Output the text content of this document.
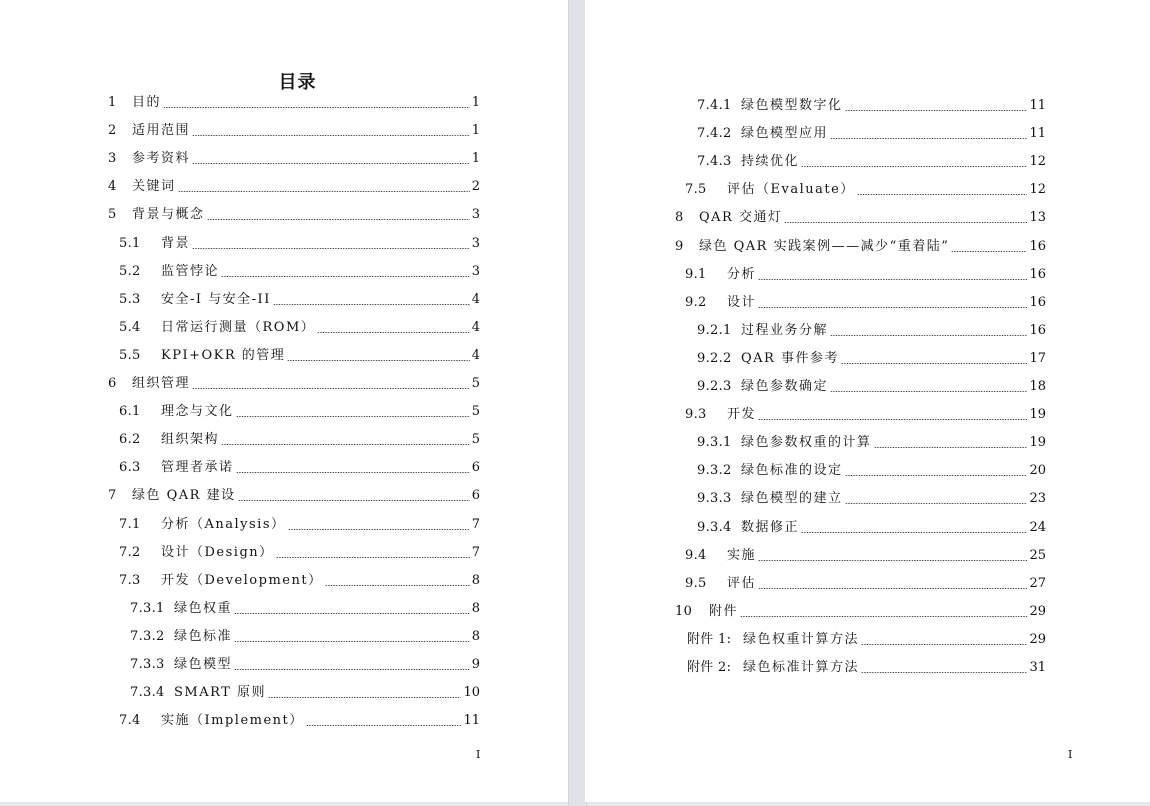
目录
1	目的	1
2	适用范围	1
3	参考资料	1
4	关键词	2
5	背景与概念	3
5.1	背景	3
5.2	监管悖论	3
5.3	安全-I 与安全-II	4
5.4	日常运行测量（ROM）	4
5.5	KPI+OKR 的管理	4
6	组织管理	5
6.1	理念与文化	5
6.2	组织架构	5
6.3	管理者承诺	6
7	绿色 QAR 建设	6
7.1	分析（Analysis）	7
7.2	设计（Design）	7
7.3	开发（Development）	8
7.3.1 绿色权重	8
7.3.2 绿色标准	8
7.3.3 绿色模型	9
7.3.4 SMART 原则	10
7.4	实施（Implement）	11
I
7.4.1 绿色模型数字化	11
7.4.2 绿色模型应用	11
7.4.3 持续优化	12
7.5	评估（Evaluate）	12
8	QAR 交通灯	13
9	绿色 QAR 实践案例——减少“重着陆”	16
9.1	分析	16
9.2	设计	16
9.2.1 过程业务分解	16
9.2.2 QAR 事件参考	17
9.2.3 绿色参数确定	18
9.3	开发	19
9.3.1 绿色参数权重的计算	19
9.3.2 绿色标准的设定	20
9.3.3 绿色模型的建立	23
9.3.4 数据修正	24
9.4	实施	25
9.5	评估	27
10	附件	29
附件 1: 绿色权重计算方法	29
附件 2: 绿色标准计算方法	31
I
